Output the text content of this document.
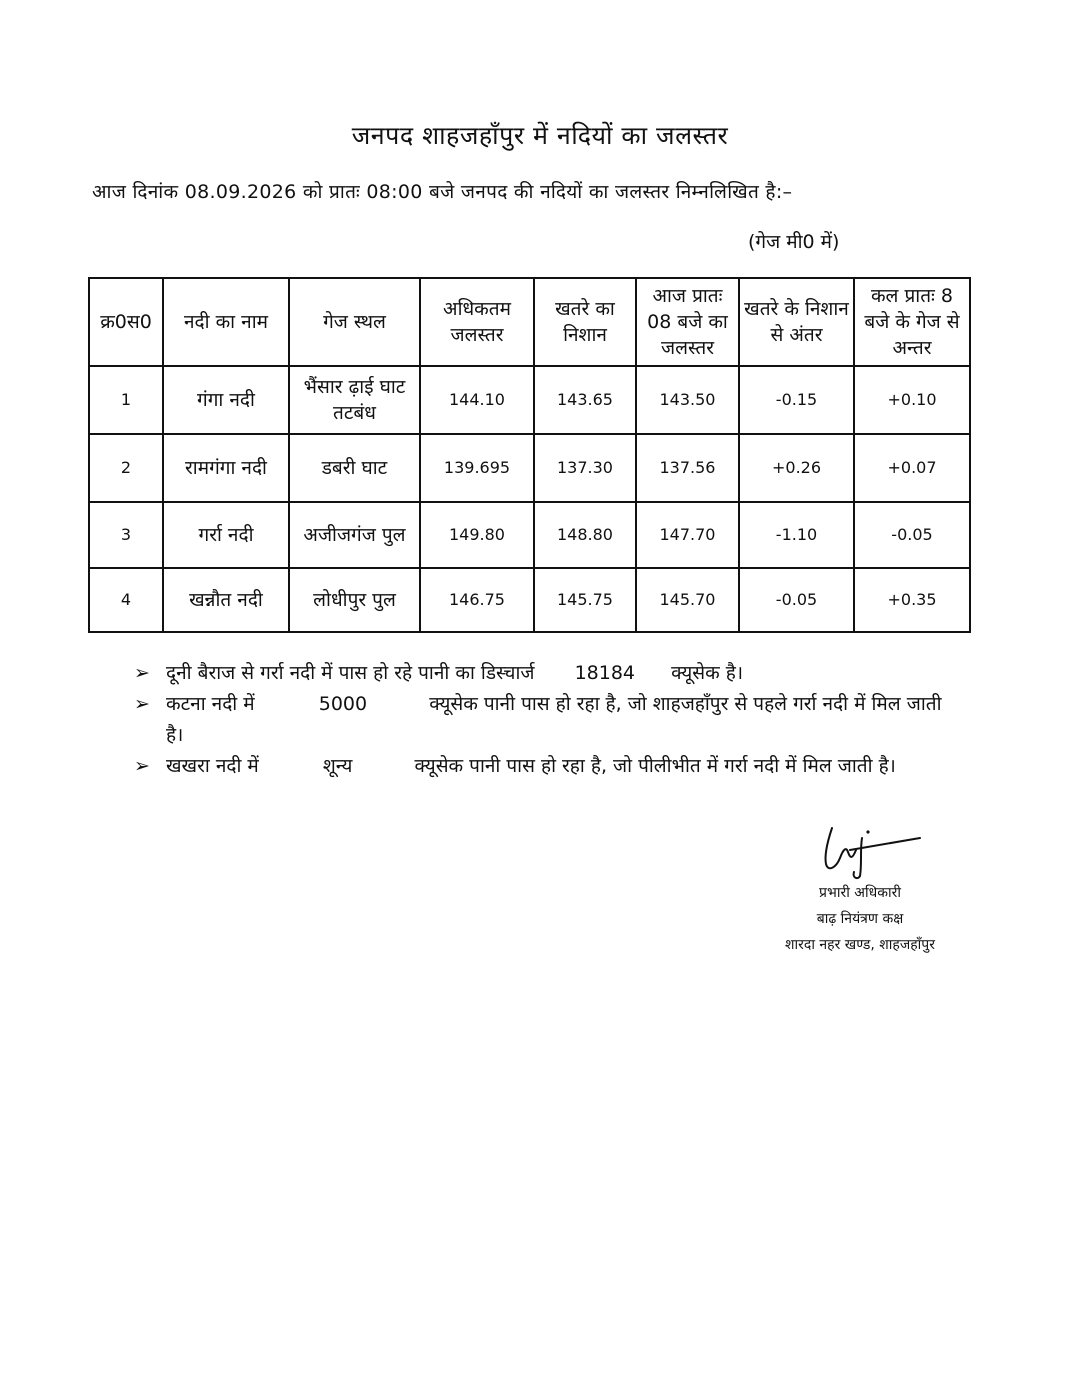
जनपद शाहजहाँपुर में नदियों का जलस्तर
आज दिनांक 08.09.2026 को प्रातः 08:00 बजे जनपद की नदियों का जलस्तर निम्नलिखित है:–
(गेज मी0 में)
क्र0स0	नदी का नाम	गेज स्थल	अधिकतम जलस्तर	खतरे का निशान	आज प्रातः 08 बजे का जलस्तर	खतरे के निशान से अंतर	कल प्रातः 8 बजे के गेज से अन्तर
1	गंगा नदी	भैंसार ढ़ाई घाट तटबंध	144.10	143.65	143.50	-0.15	+0.10
2	रामगंगा नदी	डबरी घाट	139.695	137.30	137.56	+0.26	+0.07
3	गर्रा नदी	अजीजगंज पुल	149.80	148.80	147.70	-1.10	-0.05
4	खन्नौत नदी	लोधीपुर पुल	146.75	145.75	145.70	-0.05	+0.35
➢ दूनी बैराज से गर्रा नदी में पास हो रहे पानी का डिस्चार्ज 18184 क्यूसेक है।
➢ कटना नदी में	5000	क्यूसेक पानी पास हो रहा है, जो शाहजहाँपुर से पहले गर्रा नदी में मिल जाती है।
➢ खखरा नदी में	शून्य	क्यूसेक पानी पास हो रहा है, जो पीलीभीत में गर्रा नदी में मिल जाती है।
प्रभारी अधिकारी
बाढ़ नियंत्रण कक्ष
शारदा नहर खण्ड, शाहजहाँपुर
